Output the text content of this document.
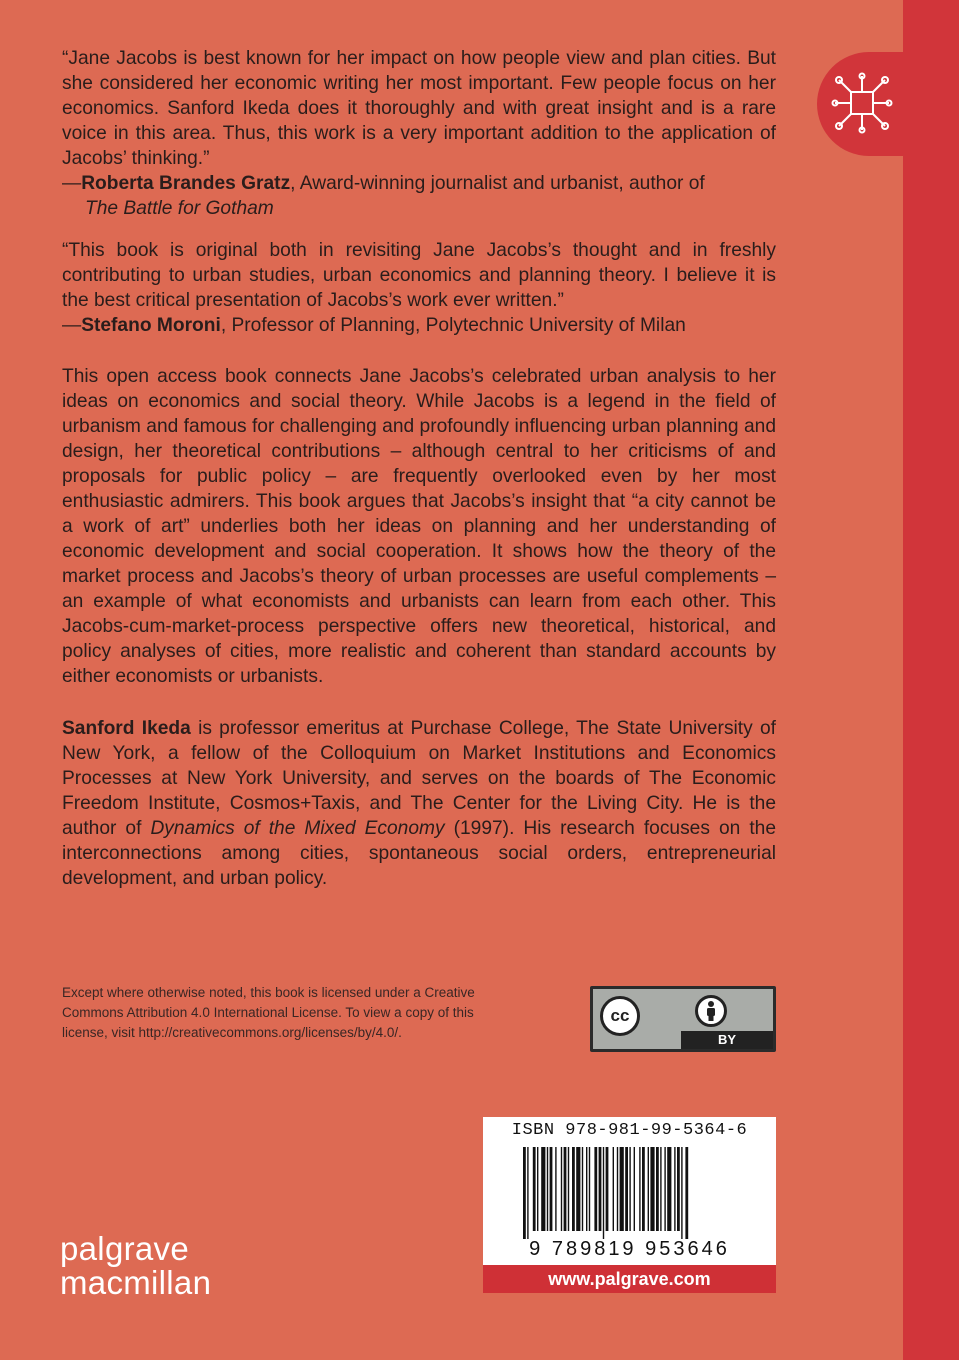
“Jane Jacobs is best known for her impact on how people view and plan cities. But she considered her economic writing her most important. Few people focus on her economics. Sanford Ikeda does it thoroughly and with great insight and is a rare voice in this area. Thus, this work is a very important addition to the application of Jacobs’ thinking.”

—Roberta Brandes Gratz, Award-winning journalist and urbanist, author of
The Battle for Gotham

“This book is original both in revisiting Jane Jacobs’s thought and in freshly contributing to urban studies, urban economics and planning theory. I believe it is the best critical presentation of Jacobs’s work ever written.”

—Stefano Moroni, Professor of Planning, Polytechnic University of Milan

This open access book connects Jane Jacobs’s celebrated urban analysis to her ideas on economics and social theory. While Jacobs is a legend in the field of urbanism and famous for challenging and profoundly influencing urban planning and design, her theoretical contributions – although central to her criticisms of and proposals for public policy – are frequently overlooked even by her most enthusiastic admirers. This book argues that Jacobs’s insight that “a city cannot be a work of art” underlies both her ideas on planning and her understanding of economic development and social cooperation. It shows how the theory of the market process and Jacobs’s theory of urban processes are useful complements – an example of what economists and urbanists can learn from each other. This Jacobs-cum-market-process perspective offers new theoretical, historical, and policy analyses of cities, more realistic and coherent than standard accounts by either economists or urbanists.

Sanford Ikeda is professor emeritus at Purchase College, The State University of New York, a fellow of the Colloquium on Market Institutions and Economics Processes at New York University, and serves on the boards of The Economic Freedom Institute, Cosmos+Taxis, and The Center for the Living City. He is the author of Dynamics of the Mixed Economy (1997). His research focuses on the interconnections among cities, spontaneous social orders, entrepreneurial development, and urban policy.

Except where otherwise noted, this book is licensed under a Creative Commons Attribution 4.0 International License. To view a copy of this license, visit http://creativecommons.org/licenses/by/4.0/.
cc
BY
ISBN 978-981-99-5364-6
9 789819 953646
www.palgrave.com
palgrave
macmillan
